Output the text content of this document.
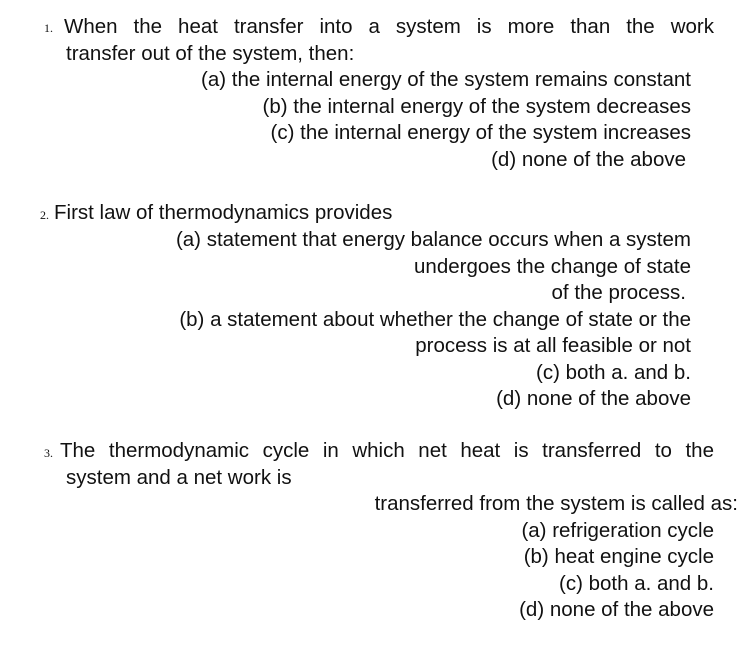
1. When the heat transfer into a system is more than the work
transfer out of the system, then:
(a) the internal energy of the system remains constant
(b) the internal energy of the system decreases
(c) the internal energy of the system increases
(d) none of the above
2. First law of thermodynamics provides
(a) statement that energy balance occurs when a system
undergoes the change of state
of the process.
(b) a statement about whether the change of state or the
process is at all feasible or not
(c) both a. and b.
(d) none of the above
3. The thermodynamic cycle in which net heat is transferred to the
system and a net work is
transferred from the system is called as:
(a) refrigeration cycle
(b) heat engine cycle
(c) both a. and b.
(d) none of the above
